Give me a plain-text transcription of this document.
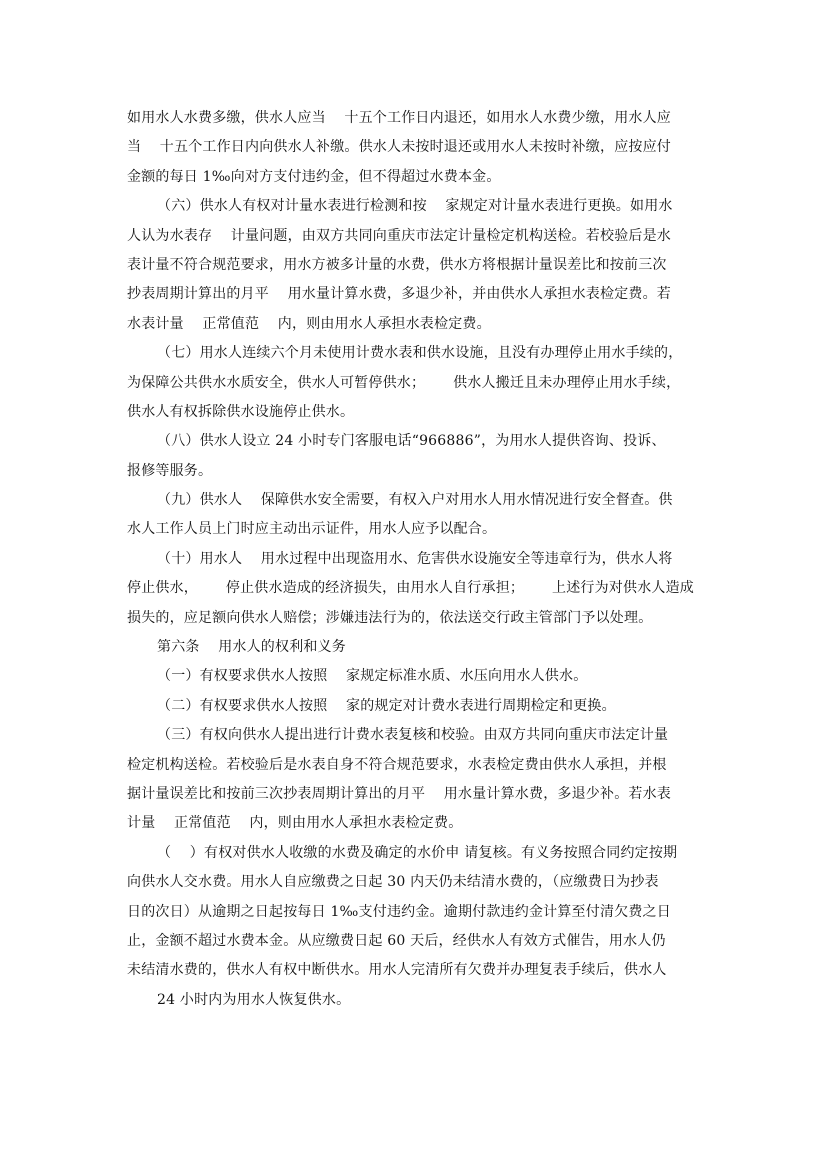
如用水人水费多缴，供水人应当    十五个工作日内退还，如用水人水费少缴，用水人应
当    十五个工作日内向供水人补缴。供水人未按时退还或用水人未按时补缴，应按应付
金额的每日 1‰向对方支付违约金，但不得超过水费本金。
（六）供水人有权对计量水表进行检测和按    家规定对计量水表进行更换。如用水
人认为水表存    计量问题，由双方共同向重庆市法定计量检定机构送检。若校验后是水
表计量不符合规范要求，用水方被多计量的水费，供水方将根据计量误差比和按前三次
抄表周期计算出的月平    用水量计算水费，多退少补，并由供水人承担水表检定费。若
水表计量    正常值范    内，则由用水人承担水表检定费。
（七）用水人连续六个月未使用计费水表和供水设施，且没有办理停止用水手续的，
为保障公共供水水质安全，供水人可暂停供水；      供水人搬迁且未办理停止用水手续，
供水人有权拆除供水设施停止供水。
（八）供水人设立 24 小时专门客服电话“966886”，为用水人提供咨询、投诉、
报修等服务。
（九）供水人    保障供水安全需要，有权入户对用水人用水情况进行安全督查。供
水人工作人员上门时应主动出示证件，用水人应予以配合。
（十）用水人    用水过程中出现盗用水、危害供水设施安全等违章行为，供水人将
停止供水，      停止供水造成的经济损失，由用水人自行承担；      上述行为对供水人造成
损失的，应足额向供水人赔偿；涉嫌违法行为的，依法送交行政主管部门予以处理。
第六条    用水人的权利和义务
（一）有权要求供水人按照    家规定标准水质、水压向用水人供水。
（二）有权要求供水人按照    家的规定对计费水表进行周期检定和更换。
（三）有权向供水人提出进行计费水表复核和校验。由双方共同向重庆市法定计量
检定机构送检。若校验后是水表自身不符合规范要求，水表检定费由供水人承担，并根
据计量误差比和按前三次抄表周期计算出的月平    用水量计算水费，多退少补。若水表
计量    正常值范    内，则由用水人承担水表检定费。
（    ）有权对供水人收缴的水费及确定的水价申 请复核。有义务按照合同约定按期
向供水人交水费。用水人自应缴费之日起 30 内天仍未结清水费的，（应缴费日为抄表
日的次日）从逾期之日起按每日 1‰支付违约金。逾期付款违约金计算至付清欠费之日
止，金额不超过水费本金。从应缴费日起 60 天后，经供水人有效方式催告，用水人仍
未结清水费的，供水人有权中断供水。用水人完清所有欠费并办理复表手续后，供水人
24 小时内为用水人恢复供水。
